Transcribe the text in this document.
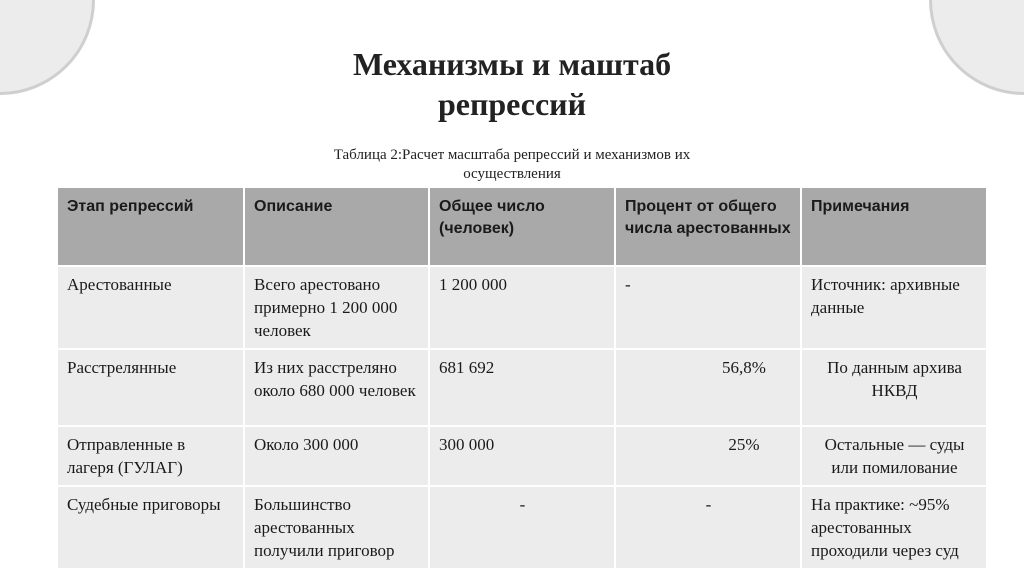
Механизмы и маштаб
репрессий
Таблица 2:Расчет масштаба репрессий и механизмов их
осуществления
Этап репрессий	Описание	Общее число (человек)	Процент от общего числа арестованных	Примечания
Арестованные	Всего арестовано примерно 1 200 000 человек	1 200 000	-	Источник: архивные данные
Расстрелянные	Из них расстреляно около 680 000 человек	681 692	56,8%	По данным архива НКВД
Отправленные в лагеря (ГУЛАГ)	Около 300 000	300 000	25%	Остальные — суды или помилование
Судебные приговоры	Большинство арестованных получили приговор	-	-	На практике: ~95% арестованных проходили через суд
